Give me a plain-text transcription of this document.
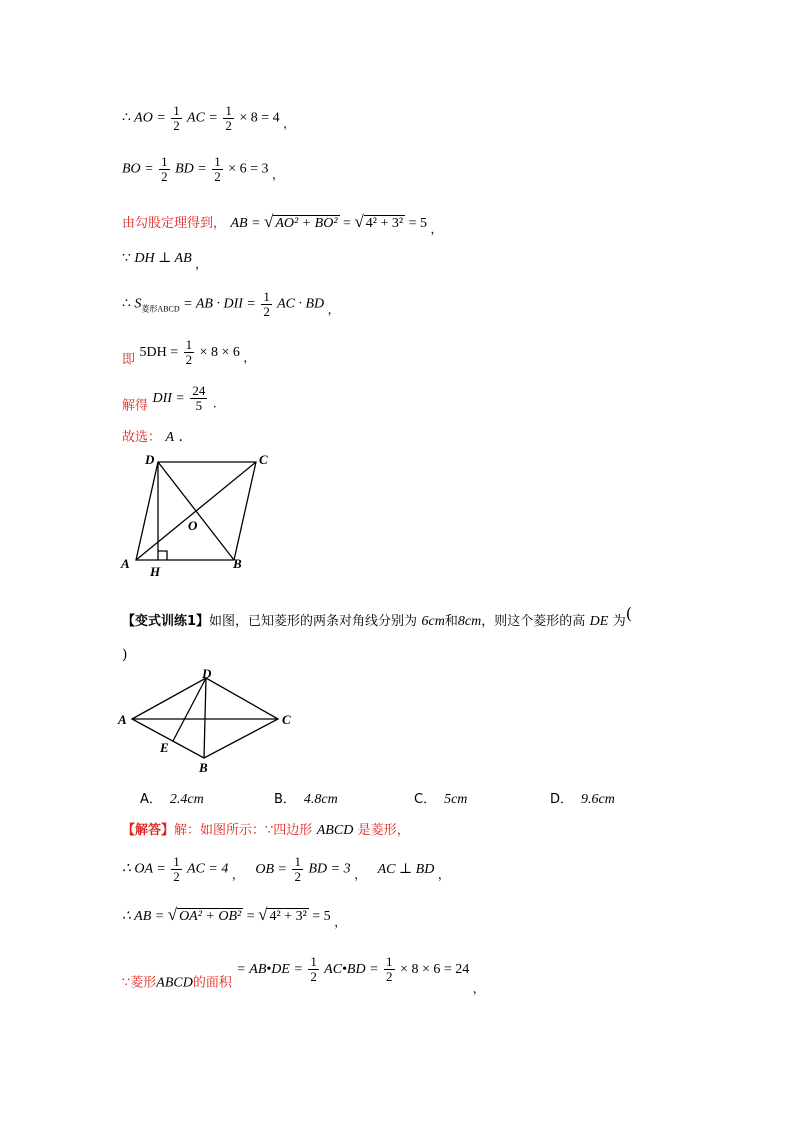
∴ AO = $\frac{1}{2}$ AC = $\frac{1}{2} \times 8 = 4$ ，
BO = $\frac{1}{2}$ BD = $\frac{1}{2} \times 6 = 3$ ，
由勾股定理得到， AB = √ AO² + BO² = √ 4² + 3² = 5 ，
∵ DH ⊥ AB ，
∴ $S_{菱形ABCD}$ = AB · DII = $\frac{1}{2}$ AC · BD ，
即 $5DH = \frac{1}{2} \times 8 \times 6$ ，
解得 DII = $\frac{24}{5}$ .
故选： A .
D	C
A	B
O
H
【变式训练1】如图，已知菱形的两条对角线分别为 6cm和8cm，则这个菱形的高 DE 为(
)
A
D
C
B
E
A． 2.4cm	B． 4.8cm	C． 5cm	D． 9.6cm
【解答】解：如图所示：∵四边形 ABCD 是菱形，
∴ OA = $\frac{1}{2}$ AC = 4 ， OB = $\frac{1}{2}$ BD = 3 ， AC ⊥ BD ，
∴ AB = √ OA² + OB² = √ 4² + 3² = 5 ，
∵菱形ABCD的面积 = AB•DE = $\frac{1}{2}$ AC•BD = $\frac{1}{2} \times 8 \times 6 = 24$ ，
